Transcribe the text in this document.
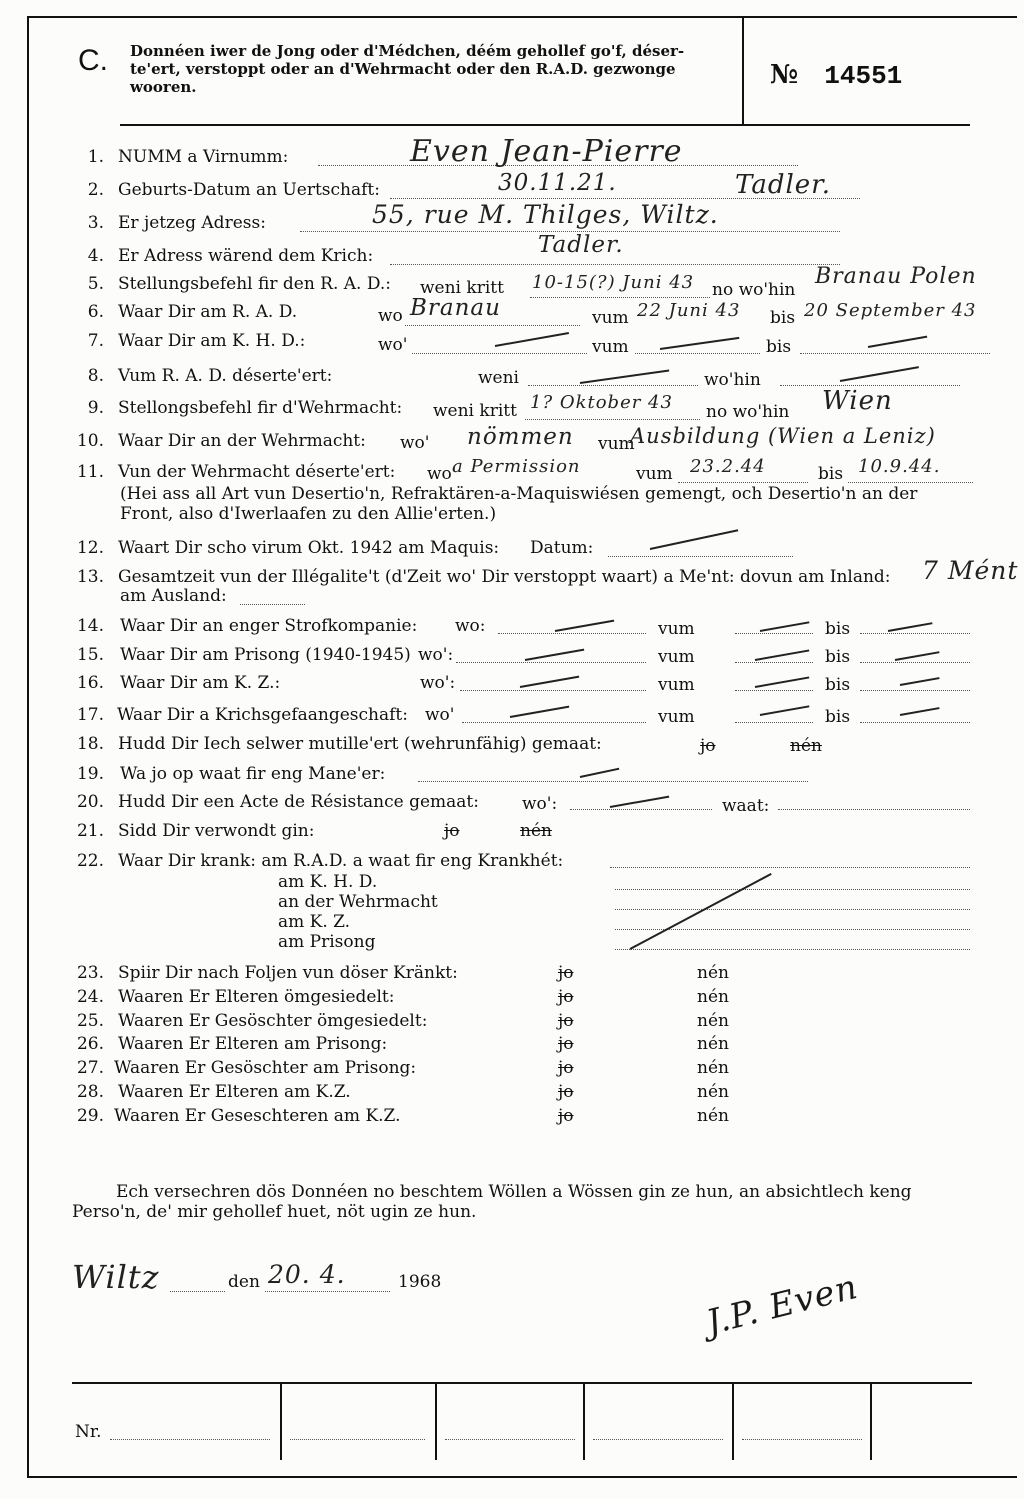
C. Donnéen iwer de Jong oder d'Médchen, déém gehollef go'f, déser-te'ert, verstoppt oder an d'Wehrmacht oder den R.A.D. gezwonge wooren.	№ 14551
1. NUMM a Virnumm:	Even Jean-Pierre
2. Geburts-Datum an Uertschaft:	30.11.21.	Tadler.
3. Er jetzeg Adress:	55, rue M. Thilges, Wiltz.
4. Er Adress wärend dem Krich:	Tadler.
5. Stellungsbefehl fir den R. A. D.: weni kritt 10-15(?) Juni 43 no wo'hin
Branau Polen
6. Waar Dir am R. A. D.	wo Branau	vum 22 Juni 43 bis 20 September 43
7. Waar Dir am K. H. D.:	wo'	vum	bis
8. Vum R. A. D. déserte'ert:	weni	wo'hin
9. Stellongsbefehl fir d'Wehrmacht: weni kritt 1? Oktober 43 no wo'hin Wien
10. Waar Dir an der Wehrmacht: wo' nömmen vum
Ausbildung (Wien a Leniz)
11. Vun der Wehrmacht déserte'ert: wo'
a Permission	vum 23.2.44	bis 10.9.44.
(Hei ass all Art vun Desertio'n, Refraktären-a-Maquiswiésen gemengt, och Desertio'n an der Front, also d'Iwerlaafen zu den Allie'erten.)
12. Waart Dir scho virum Okt. 1942 am Maquis: Datum:
13. Gesamtzeit vun der Illégalite't (d'Zeit wo' Dir verstoppt waart) a Me'nt: dovun am Inland: 7 Mént
am Ausland:
14. Waar Dir an enger Strofkompanie: wo:	vum	bis
15. Waar Dir am Prisong (1940-1945) wo':	vum	bis
16. Waar Dir am K. Z.:	wo':	vum	bis
17. Waar Dir a Krichsgefaangeschaft: wo'	vum	bis
18. Hudd Dir Iech selwer mutille'ert (wehrunfähig) gemaat:	jo	nén
19. Wa jo op waat fir eng Mane'er:
20. Hudd Dir een Acte de Résistance gemaat:	wo':	waat:
21. Sidd Dir verwondt gin:	jo	nén
22. Waar Dir krank: am R.A.D. a waat fir eng Krankhét:
am K. H. D.
an der Wehrmacht
am K. Z.
am Prisong
23. Spiir Dir nach Foljen vun döser Kränkt:	jo	nén
24. Waaren Er Elteren ömgesiedelt:	jo	nén
25. Waaren Er Gesöschter ömgesiedelt:	jo	nén
26. Waaren Er Elteren am Prisong:	jo	nén
27. Waaren Er Gesöschter am Prisong:	jo	nén
28. Waaren Er Elteren am K.Z.	jo	nén
29. Waaren Er Geseschteren am K.Z.	jo	nén
Ech versechren dös Donnéen no beschtem Wöllen a Wössen gin ze hun, an absichtlech keng Perso'n, de' mir gehollef huet, nöt ugin ze hun.
Wiltz	den 20. 4.	1968	J.P. Even
Nr.
